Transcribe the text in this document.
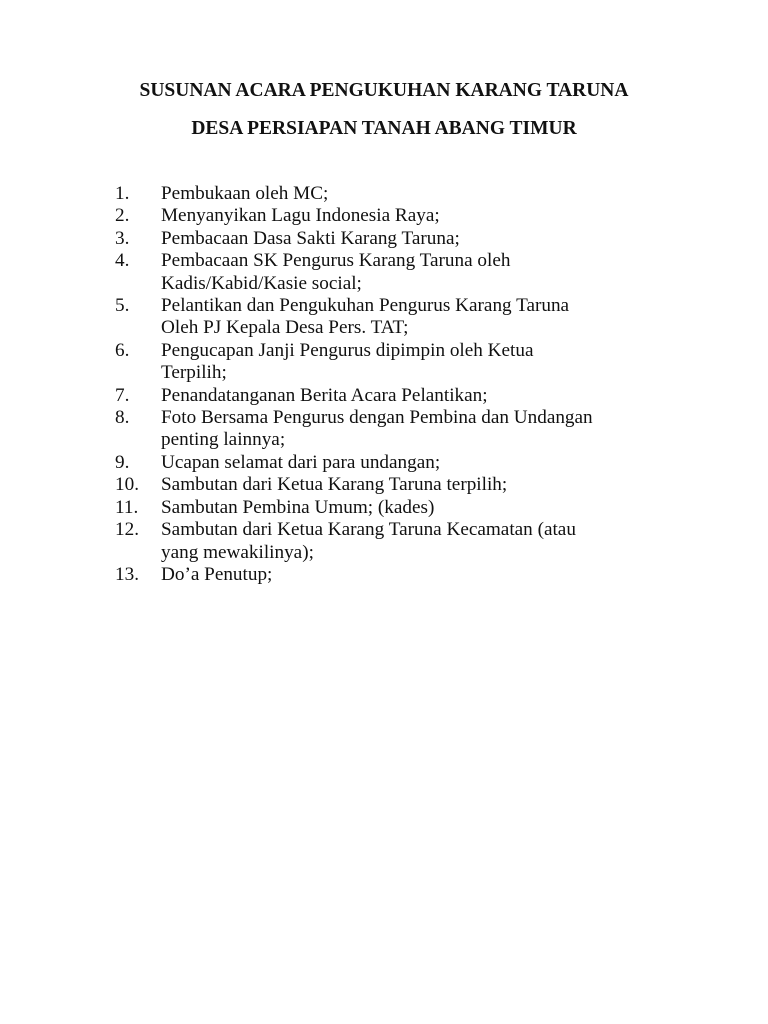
SUSUNAN ACARA PENGUKUHAN KARANG TARUNA
DESA PERSIAPAN TANAH ABANG TIMUR
1.	Pembukaan oleh MC;
2.	Menyanyikan Lagu Indonesia Raya;
3.	Pembacaan Dasa Sakti Karang Taruna;
4.	Pembacaan SK Pengurus Karang Taruna oleh
Kadis/Kabid/Kasie social;
5.	Pelantikan dan Pengukuhan Pengurus Karang Taruna
Oleh PJ Kepala Desa Pers. TAT;
6.	Pengucapan Janji Pengurus dipimpin oleh Ketua
Terpilih;
7.	Penandatanganan Berita Acara Pelantikan;
8.	Foto Bersama Pengurus dengan Pembina dan Undangan
penting lainnya;
9.	Ucapan selamat dari para undangan;
10.	Sambutan dari Ketua Karang Taruna terpilih;
11.	Sambutan Pembina Umum; (kades)
12.	Sambutan dari Ketua Karang Taruna Kecamatan (atau
yang mewakilinya);
13.	Do’a Penutup;
